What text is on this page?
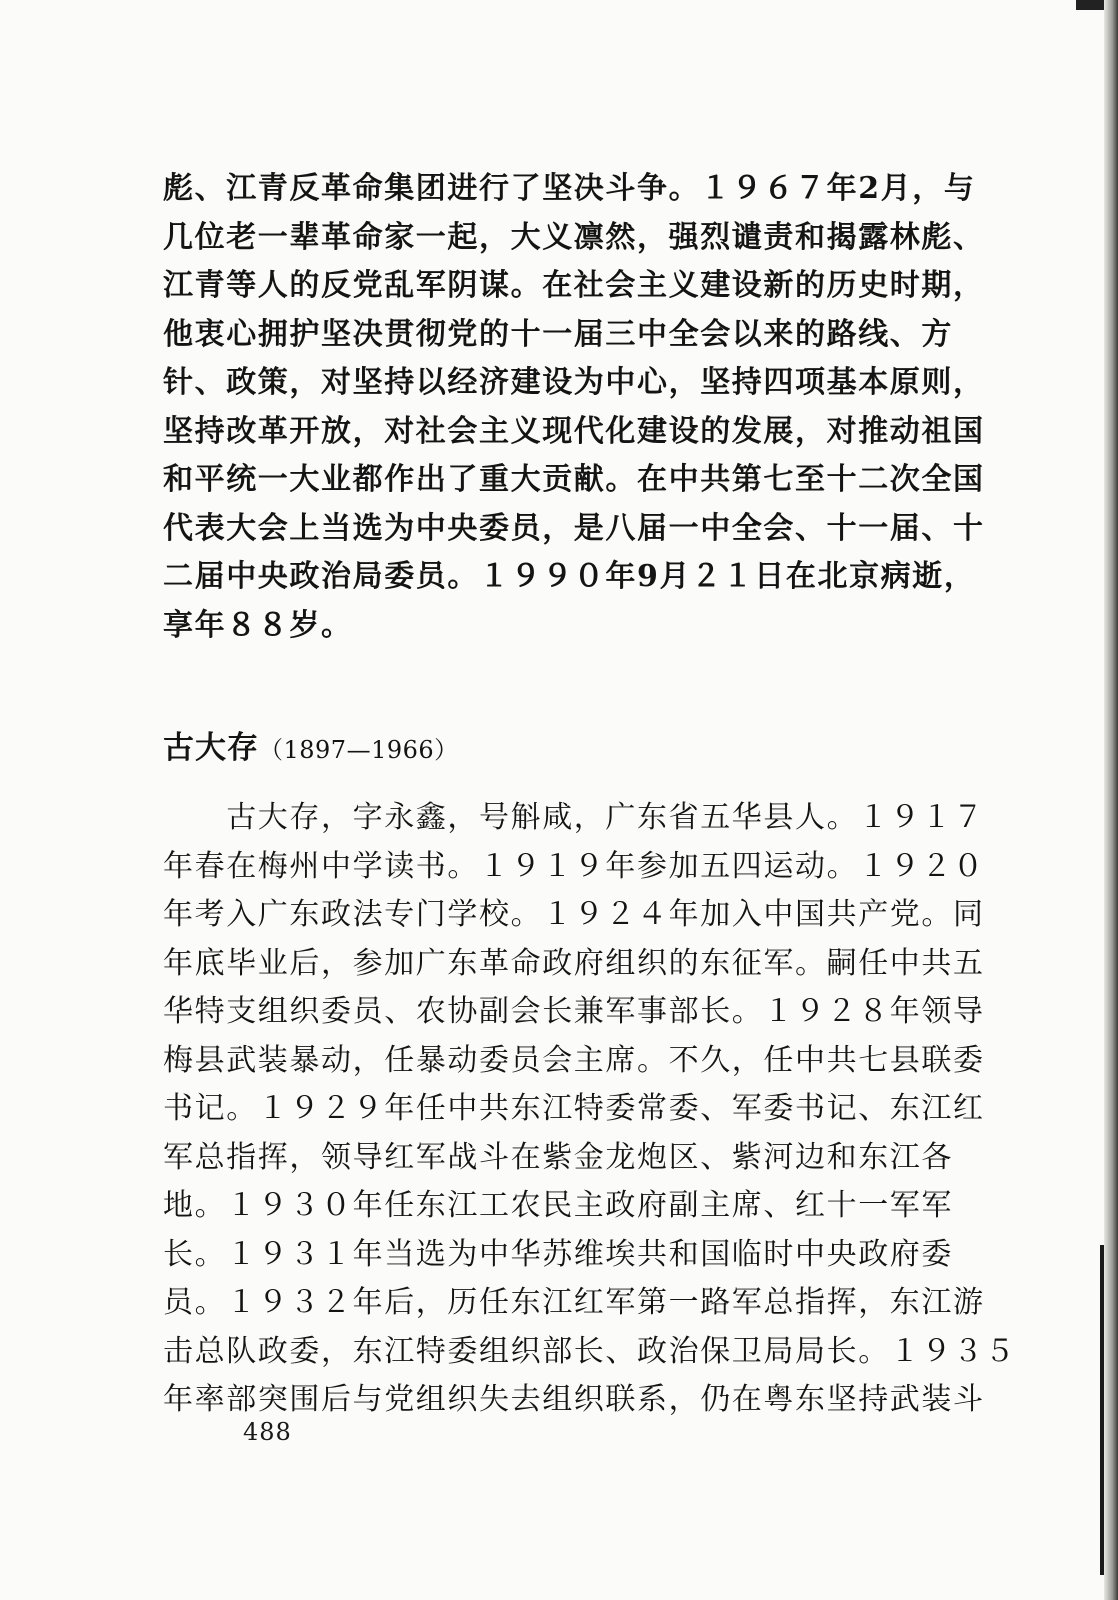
彪、江青反革命集团进行了坚决斗争。１９６７年2月，与
几位老一辈革命家一起，大义凛然，强烈谴责和揭露林彪、
江青等人的反党乱军阴谋。在社会主义建设新的历史时期，
他衷心拥护坚决贯彻党的十一届三中全会以来的路线、方
针、政策，对坚持以经济建设为中心，坚持四项基本原则，
坚持改革开放，对社会主义现代化建设的发展，对推动祖国
和平统一大业都作出了重大贡献。在中共第七至十二次全国
代表大会上当选为中央委员，是八届一中全会、十一届、十
二届中央政治局委员。１９９０年9月２１日在北京病逝，
享年８８岁。

古大存（1897—1966）

　　古大存，字永鑫，号斛咸，广东省五华县人。１９１７
年春在梅州中学读书。１９１９年参加五四运动。１９２０
年考入广东政法专门学校。１９２４年加入中国共产党。同
年底毕业后，参加广东革命政府组织的东征军。嗣任中共五
华特支组织委员、农协副会长兼军事部长。１９２８年领导
梅县武装暴动，任暴动委员会主席。不久，任中共七县联委
书记。１９２９年任中共东江特委常委、军委书记、东江红
军总指挥，领导红军战斗在紫金龙炮区、紫河边和东江各
地。１９３０年任东江工农民主政府副主席、红十一军军
长。１９３１年当选为中华苏维埃共和国临时中央政府委
员。１９３２年后，历任东江红军第一路军总指挥，东江游
击总队政委，东江特委组织部长、政治保卫局局长。１９３５
年率部突围后与党组织失去组织联系，仍在粤东坚持武装斗

488
